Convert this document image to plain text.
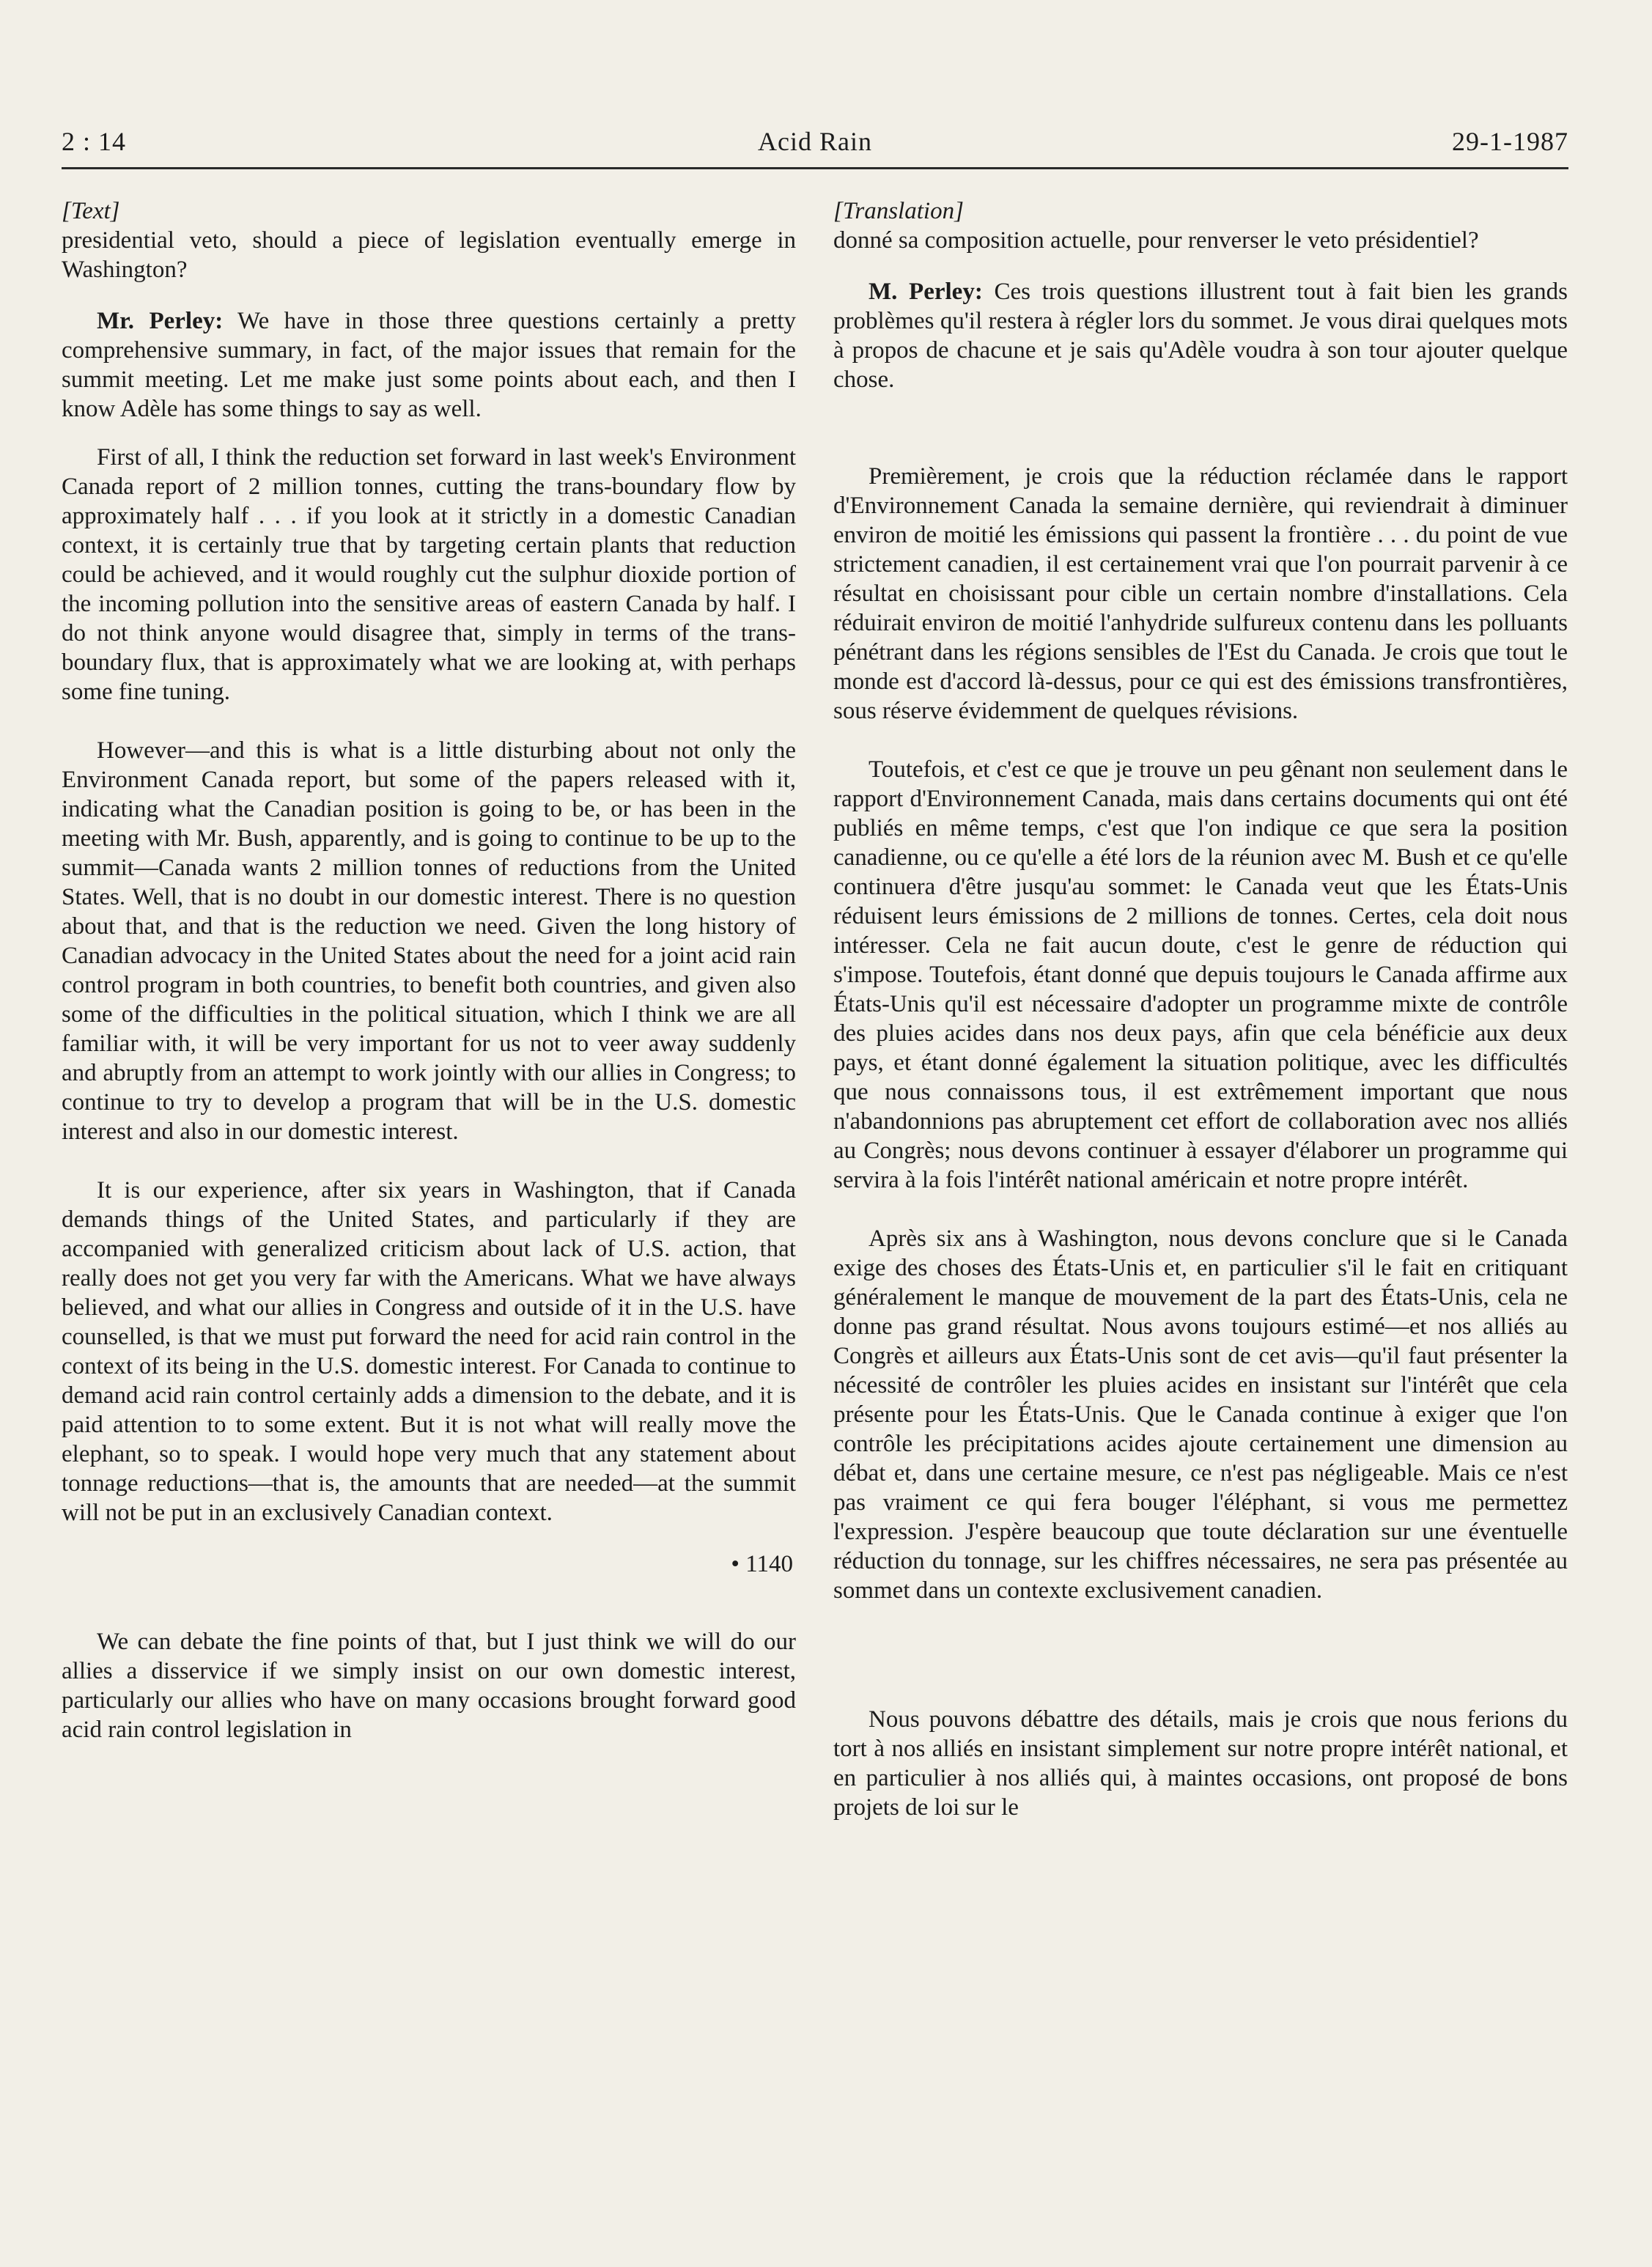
2 : 14	Acid Rain	29-1-1987

[Text]

presidential veto, should a piece of legislation eventually emerge in Washington?

Mr. Perley: We have in those three questions certainly a pretty comprehensive summary, in fact, of the major issues that remain for the summit meeting. Let me make just some points about each, and then I know Adèle has some things to say as well.

First of all, I think the reduction set forward in last week's Environment Canada report of 2 million tonnes, cutting the trans-boundary flow by approximately half . . . if you look at it strictly in a domestic Canadian context, it is certainly true that by targeting certain plants that reduction could be achieved, and it would roughly cut the sulphur dioxide portion of the incoming pollution into the sensitive areas of eastern Canada by half. I do not think anyone would disagree that, simply in terms of the trans-boundary flux, that is approximately what we are looking at, with perhaps some fine tuning.

However—and this is what is a little disturbing about not only the Environment Canada report, but some of the papers released with it, indicating what the Canadian position is going to be, or has been in the meeting with Mr. Bush, apparently, and is going to continue to be up to the summit—Canada wants 2 million tonnes of reductions from the United States. Well, that is no doubt in our domestic interest. There is no question about that, and that is the reduction we need. Given the long history of Canadian advocacy in the United States about the need for a joint acid rain control program in both countries, to benefit both countries, and given also some of the difficulties in the political situation, which I think we are all familiar with, it will be very important for us not to veer away suddenly and abruptly from an attempt to work jointly with our allies in Congress; to continue to try to develop a program that will be in the U.S. domestic interest and also in our domestic interest.

It is our experience, after six years in Washington, that if Canada demands things of the United States, and particularly if they are accompanied with generalized criticism about lack of U.S. action, that really does not get you very far with the Americans. What we have always believed, and what our allies in Congress and outside of it in the U.S. have counselled, is that we must put forward the need for acid rain control in the context of its being in the U.S. domestic interest. For Canada to continue to demand acid rain control certainly adds a dimension to the debate, and it is paid attention to to some extent. But it is not what will really move the elephant, so to speak. I would hope very much that any statement about tonnage reductions—that is, the amounts that are needed—at the summit will not be put in an exclusively Canadian context.

• 1140

We can debate the fine points of that, but I just think we will do our allies a disservice if we simply insist on our own domestic interest, particularly our allies who have on many occasions brought forward good acid rain control legislation in

[Translation]

donné sa composition actuelle, pour renverser le veto présidentiel?

M. Perley: Ces trois questions illustrent tout à fait bien les grands problèmes qu'il restera à régler lors du sommet. Je vous dirai quelques mots à propos de chacune et je sais qu'Adèle voudra à son tour ajouter quelque chose.

Premièrement, je crois que la réduction réclamée dans le rapport d'Environnement Canada la semaine dernière, qui reviendrait à diminuer environ de moitié les émissions qui passent la frontière . . . du point de vue strictement canadien, il est certainement vrai que l'on pourrait parvenir à ce résultat en choisissant pour cible un certain nombre d'installations. Cela réduirait environ de moitié l'anhydride sulfureux contenu dans les polluants pénétrant dans les régions sensibles de l'Est du Canada. Je crois que tout le monde est d'accord là-dessus, pour ce qui est des émissions transfrontières, sous réserve évidemment de quelques révisions.

Toutefois, et c'est ce que je trouve un peu gênant non seulement dans le rapport d'Environnement Canada, mais dans certains documents qui ont été publiés en même temps, c'est que l'on indique ce que sera la position canadienne, ou ce qu'elle a été lors de la réunion avec M. Bush et ce qu'elle continuera d'être jusqu'au sommet: le Canada veut que les États-Unis réduisent leurs émissions de 2 millions de tonnes. Certes, cela doit nous intéresser. Cela ne fait aucun doute, c'est le genre de réduction qui s'impose. Toutefois, étant donné que depuis toujours le Canada affirme aux États-Unis qu'il est nécessaire d'adopter un programme mixte de contrôle des pluies acides dans nos deux pays, afin que cela bénéficie aux deux pays, et étant donné également la situation politique, avec les difficultés que nous connaissons tous, il est extrêmement important que nous n'abandonnions pas abruptement cet effort de collaboration avec nos alliés au Congrès; nous devons continuer à essayer d'élaborer un programme qui servira à la fois l'intérêt national américain et notre propre intérêt.

Après six ans à Washington, nous devons conclure que si le Canada exige des choses des États-Unis et, en particulier s'il le fait en critiquant généralement le manque de mouvement de la part des États-Unis, cela ne donne pas grand résultat. Nous avons toujours estimé—et nos alliés au Congrès et ailleurs aux États-Unis sont de cet avis—qu'il faut présenter la nécessité de contrôler les pluies acides en insistant sur l'intérêt que cela présente pour les États-Unis. Que le Canada continue à exiger que l'on contrôle les précipitations acides ajoute certainement une dimension au débat et, dans une certaine mesure, ce n'est pas négligeable. Mais ce n'est pas vraiment ce qui fera bouger l'éléphant, si vous me permettez l'expression. J'espère beaucoup que toute déclaration sur une éventuelle réduction du tonnage, sur les chiffres nécessaires, ne sera pas présentée au sommet dans un contexte exclusivement canadien.

Nous pouvons débattre des détails, mais je crois que nous ferions du tort à nos alliés en insistant simplement sur notre propre intérêt national, et en particulier à nos alliés qui, à maintes occasions, ont proposé de bons projets de loi sur le
